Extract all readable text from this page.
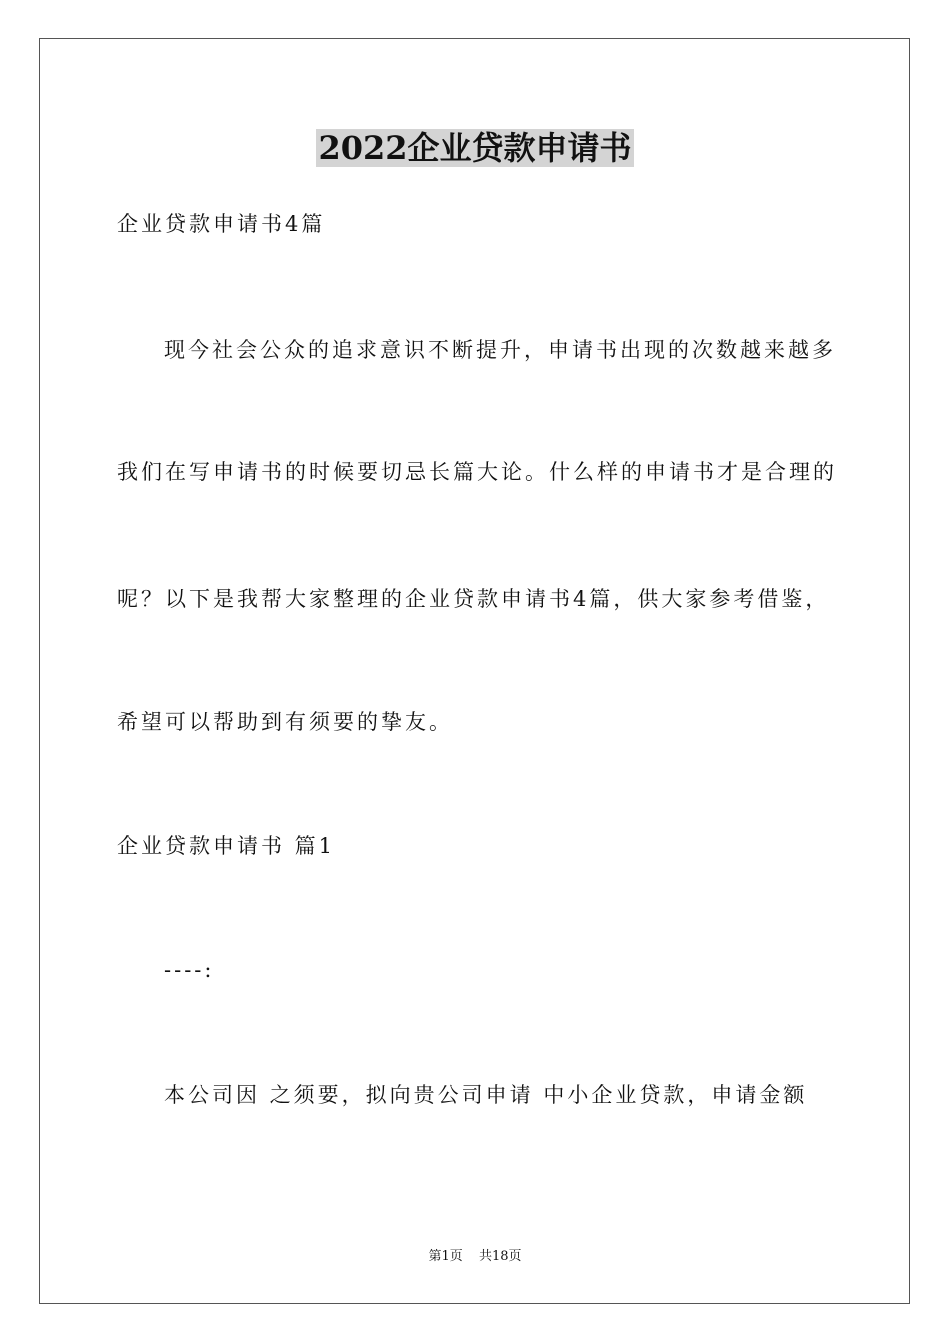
2022企业贷款申请书
企业贷款申请书4篇
现今社会公众的追求意识不断提升，申请书出现的次数越来越多
我们在写申请书的时候要切忌长篇大论。什么样的申请书才是合理的
呢？以下是我帮大家整理的企业贷款申请书4篇，供大家参考借鉴，
希望可以帮助到有须要的挚友。
企业贷款申请书 篇1
----:
本公司因 之须要，拟向贵公司申请 中小企业贷款，申请金额
第1页 共18页
